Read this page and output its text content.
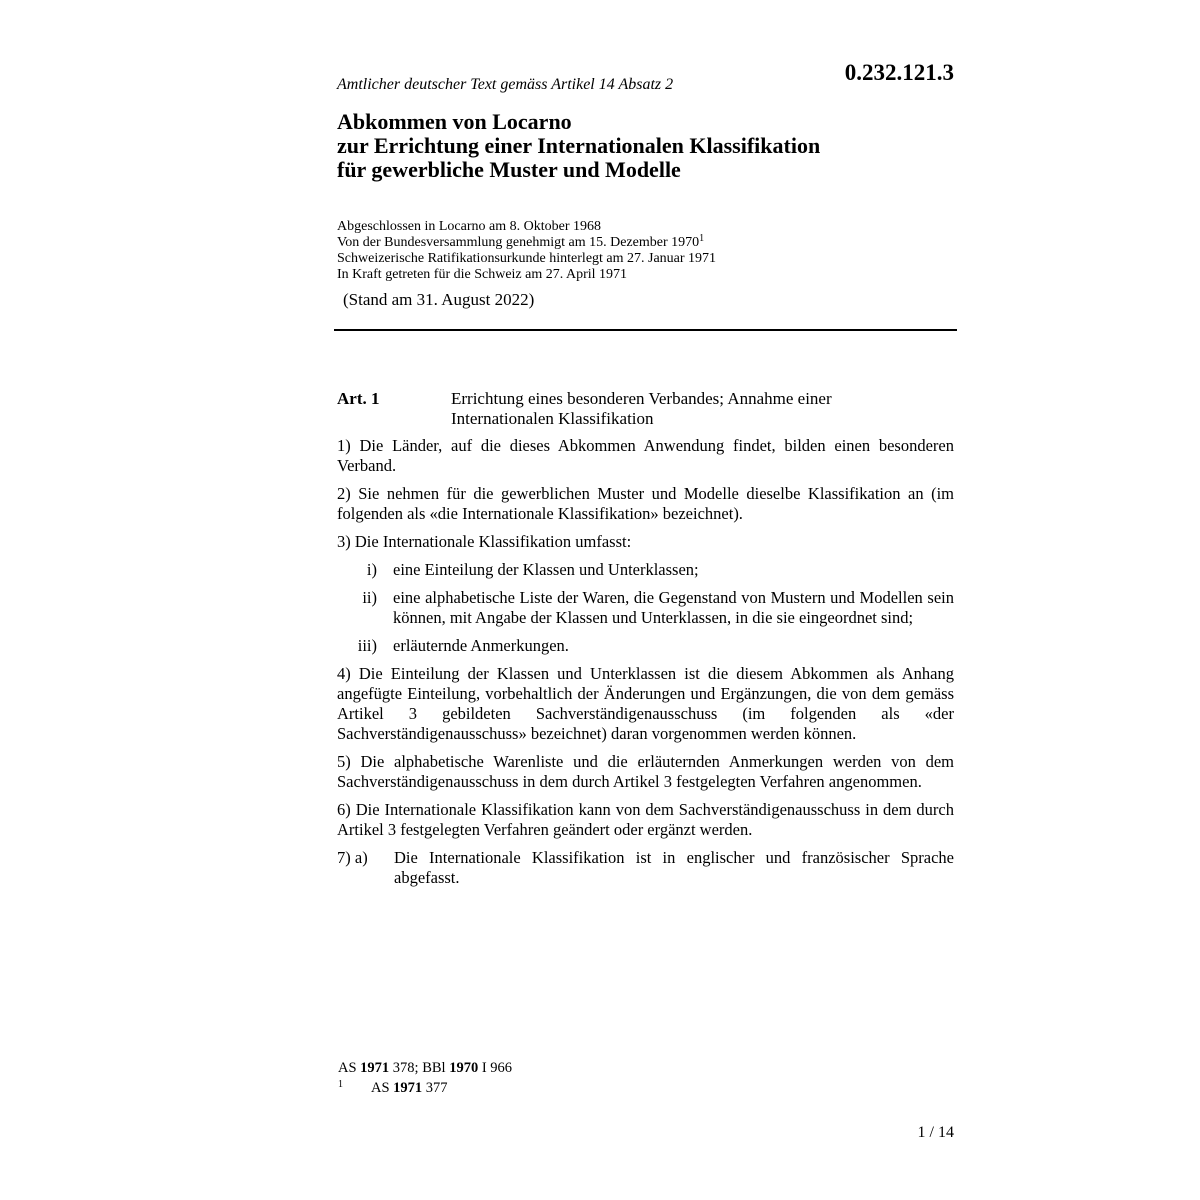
0.232.121.3
Amtlicher deutscher Text gemäss Artikel 14 Absatz 2
Abkommen von Locarno
zur Errichtung einer Internationalen Klassifikation
für gewerbliche Muster und Modelle
Abgeschlossen in Locarno am 8. Oktober 1968
Von der Bundesversammlung genehmigt am 15. Dezember 1970$^1$
Schweizerische Ratifikationsurkunde hinterlegt am 27. Januar 1971
In Kraft getreten für die Schweiz am 27. April 1971
(Stand am 31. August 2022)
Art. 1	Errichtung eines besonderen Verbandes; Annahme einer
Internationalen Klassifikation

1) Die Länder, auf die dieses Abkommen Anwendung findet, bilden einen besonderen Verband.

2) Sie nehmen für die gewerblichen Muster und Modelle dieselbe Klassifikation an (im folgenden als «die Internationale Klassifikation» bezeichnet).

3) Die Internationale Klassifikation umfasst:

i) eine Einteilung der Klassen und Unterklassen;
ii) eine alphabetische Liste der Waren, die Gegenstand von Mustern und Modellen sein können, mit Angabe der Klassen und Unterklassen, in die sie eingeordnet sind;
iii) erläuternde Anmerkungen.

4) Die Einteilung der Klassen und Unterklassen ist die diesem Abkommen als Anhang angefügte Einteilung, vorbehaltlich der Änderungen und Ergänzungen, die von dem gemäss Artikel 3 gebildeten Sachverständigenausschuss (im folgenden als «der Sachverständigenausschuss» bezeichnet) daran vorgenommen werden können.

5) Die alphabetische Warenliste und die erläuternden Anmerkungen werden von dem Sachverständigenausschuss in dem durch Artikel 3 festgelegten Verfahren angenommen.

6) Die Internationale Klassifikation kann von dem Sachverständigenausschuss in dem durch Artikel 3 festgelegten Verfahren geändert oder ergänzt werden.

7) a)	Die Internationale Klassifikation ist in englischer und französischer Sprache abgefasst.
AS 1971 378; BBl 1970 I 966
1	AS 1971 377
1 / 14
